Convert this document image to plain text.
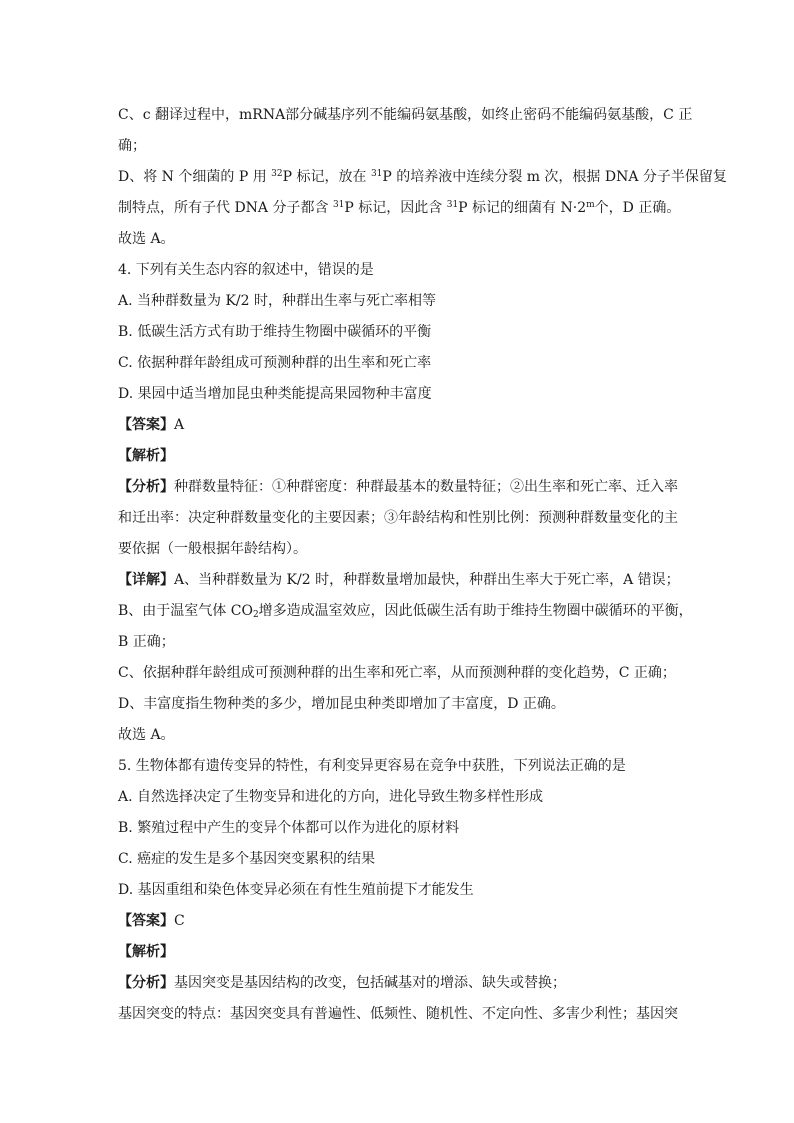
C、c 翻译过程中，mRNA部分碱基序列不能编码氨基酸，如终止密码不能编码氨基酸，C 正
确；
D、将 N 个细菌的 P 用 $^{32}$P 标记，放在 $^{31}$P 的培养液中连续分裂 m 次，根据 DNA 分子半保留复
制特点，所有子代 DNA 分子都含 $^{31}$P 标记，因此含 $^{31}$P 标记的细菌有 $N\cdot 2^m$个，D 正确。
故选 A。
4. 下列有关生态内容的叙述中，错误的是
A. 当种群数量为 K/2 时，种群出生率与死亡率相等
B. 低碳生活方式有助于维持生物圈中碳循环的平衡
C. 依据种群年龄组成可预测种群的出生率和死亡率
D. 果园中适当增加昆虫种类能提高果园物种丰富度
【答案】A
【解析】
【分析】种群数量特征：①种群密度：种群最基本的数量特征；②出生率和死亡率、迁入率
和迁出率：决定种群数量变化的主要因素；③年龄结构和性别比例：预测种群数量变化的主
要依据（一般根据年龄结构）。
【详解】A、当种群数量为 K/2 时，种群数量增加最快，种群出生率大于死亡率，A 错误；
B、由于温室气体 $CO_2$增多造成温室效应，因此低碳生活有助于维持生物圈中碳循环的平衡，
B 正确；
C、依据种群年龄组成可预测种群的出生率和死亡率，从而预测种群的变化趋势，C 正确；
D、丰富度指生物种类的多少，增加昆虫种类即增加了丰富度，D 正确。
故选 A。
5. 生物体都有遗传变异的特性，有利变异更容易在竞争中获胜，下列说法正确的是
A. 自然选择决定了生物变异和进化的方向，进化导致生物多样性形成
B. 繁殖过程中产生的变异个体都可以作为进化的原材料
C. 癌症的发生是多个基因突变累积的结果
D. 基因重组和染色体变异必须在有性生殖前提下才能发生
【答案】C
【解析】
【分析】基因突变是基因结构的改变，包括碱基对的增添、缺失或替换；
基因突变的特点：基因突变具有普遍性、低频性、随机性、不定向性、多害少利性；基因突
